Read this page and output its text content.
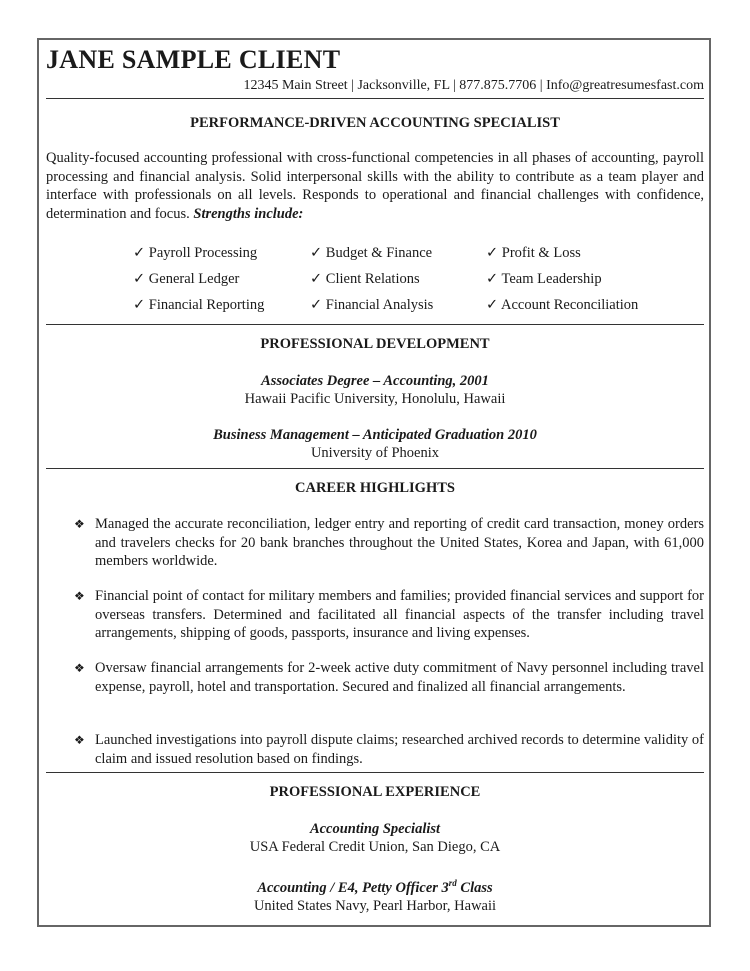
JANE SAMPLE CLIENT
12345 Main Street | Jacksonville, FL | 877.875.7706 | Info@greatresumesfast.com
PERFORMANCE-DRIVEN ACCOUNTING SPECIALIST
Quality-focused accounting professional with cross-functional competencies in all phases of accounting, payroll processing and financial analysis. Solid interpersonal skills with the ability to contribute as a team player and interface with professionals on all levels. Responds to operational and financial challenges with confidence, determination and focus. Strengths include:
✓ Payroll Processing	✓ Budget & Finance	✓ Profit & Loss
✓ General Ledger	✓ Client Relations	✓ Team Leadership
✓ Financial Reporting	✓ Financial Analysis	✓ Account Reconciliation
PROFESSIONAL DEVELOPMENT
Associates Degree – Accounting, 2001
Hawaii Pacific University, Honolulu, Hawaii
Business Management – Anticipated Graduation 2010
University of Phoenix
CAREER HIGHLIGHTS
❖ Managed the accurate reconciliation, ledger entry and reporting of credit card transaction, money orders and travelers checks for 20 bank branches throughout the United States, Korea and Japan, with 61,000 members worldwide.
❖ Financial point of contact for military members and families; provided financial services and support for overseas transfers. Determined and facilitated all financial aspects of the transfer including travel arrangements, shipping of goods, passports, insurance and living expenses.
❖ Oversaw financial arrangements for 2-week active duty commitment of Navy personnel including travel expense, payroll, hotel and transportation. Secured and finalized all financial arrangements.
❖ Launched investigations into payroll dispute claims; researched archived records to determine validity of claim and issued resolution based on findings.
PROFESSIONAL EXPERIENCE
Accounting Specialist
USA Federal Credit Union, San Diego, CA
Accounting / E4, Petty Officer 3rd Class
United States Navy, Pearl Harbor, Hawaii
